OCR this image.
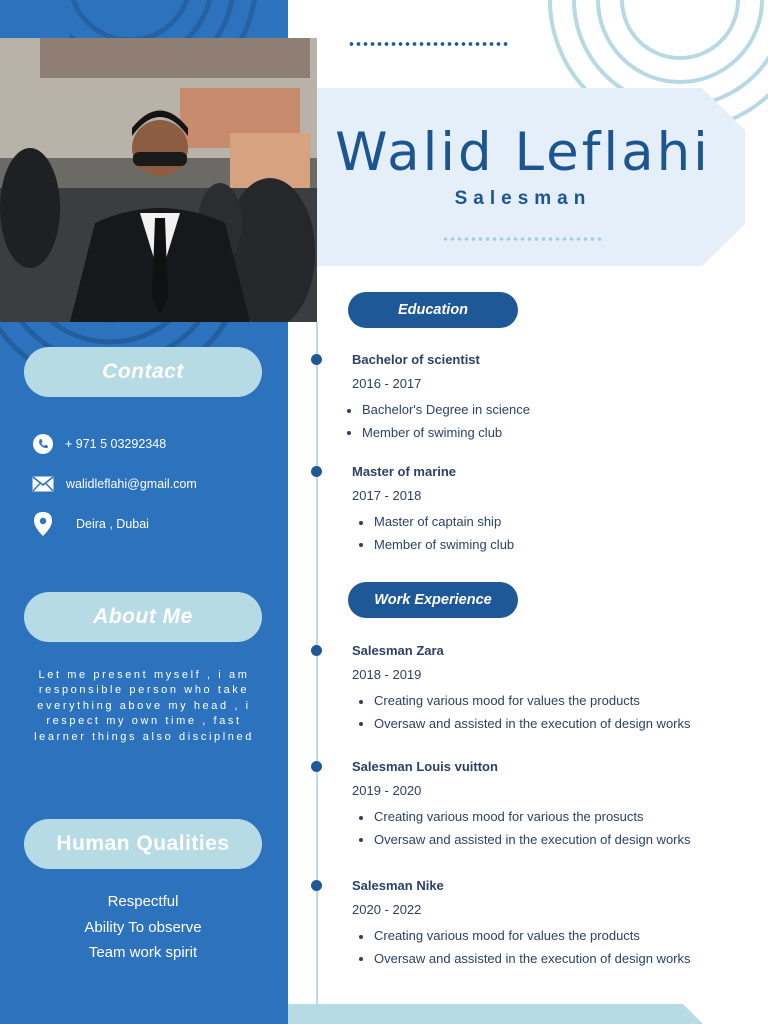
Contact
+ 971 5 03292348
walidleflahi@gmail.com
Deira , Dubai
About Me
Let me present myself , i am responsible person who take everything above my head , i respect my own time , fast learner things also disciplned
Human Qualities
Respectful
Ability To observe
Team work spirit
Walid Leflahi
Salesman
Education
Bachelor of scientist
2016 - 2017
Bachelor's Degree in science
Member of swiming club
Master of marine
2017 - 2018
Master of captain ship
Member of swiming club
Work Experience
Salesman Zara
2018 - 2019
Creating various mood for values the products
Oversaw and assisted in the execution of design works
Salesman Louis vuitton
2019 - 2020
Creating various mood for various the prosucts
Oversaw and assisted in the execution of design works
Salesman Nike
2020 - 2022
Creating various mood for values the products
Oversaw and assisted in the execution of design works
